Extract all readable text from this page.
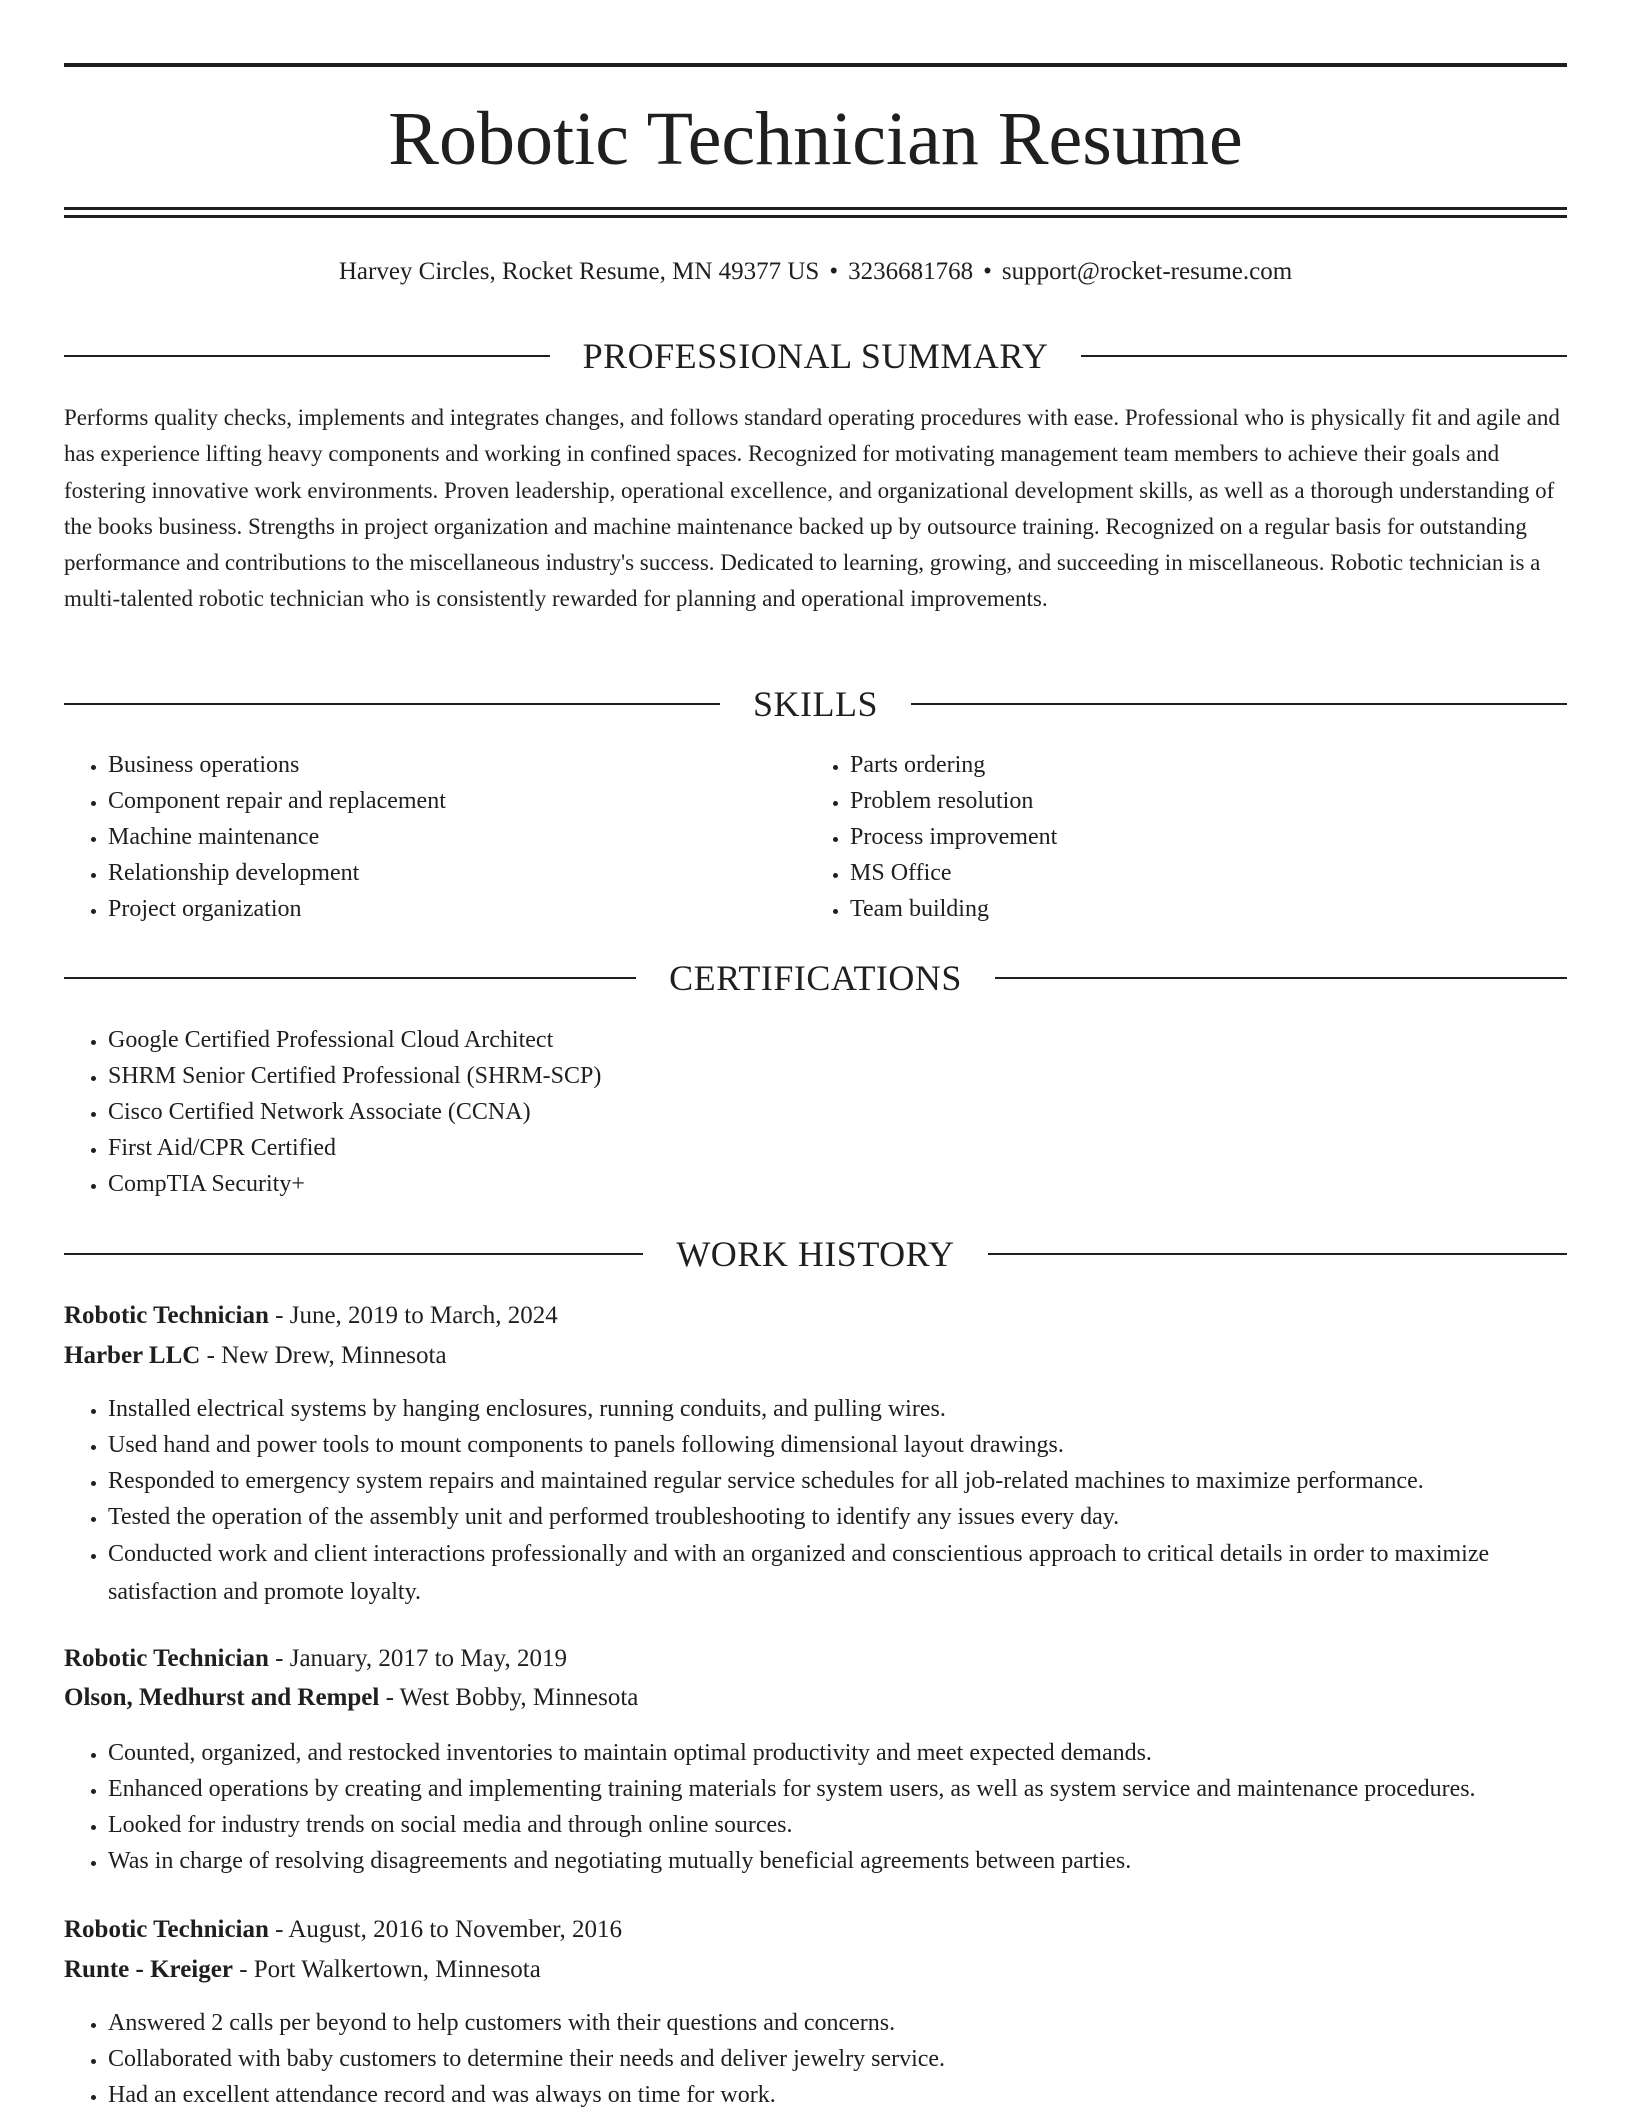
Robotic Technician Resume
Harvey Circles, Rocket Resume, MN 49377 US • 3236681768 • support@rocket-resume.com
PROFESSIONAL SUMMARY

Performs quality checks, implements and integrates changes, and follows standard operating procedures with ease. Professional who is physically fit and agile and has experience lifting heavy components and working in confined spaces. Recognized for motivating management team members to achieve their goals and fostering innovative work environments. Proven leadership, operational excellence, and organizational development skills, as well as a thorough understanding of the books business. Strengths in project organization and machine maintenance backed up by outsource training. Recognized on a regular basis for outstanding performance and contributions to the miscellaneous industry's success. Dedicated to learning, growing, and succeeding in miscellaneous. Robotic technician is a multi-talented robotic technician who is consistently rewarded for planning and operational improvements.

SKILLS
• Business operations
• Component repair and replacement
• Machine maintenance
• Relationship development
• Project organization
• Parts ordering
• Problem resolution
• Process improvement
• MS Office
• Team building
CERTIFICATIONS
• Google Certified Professional Cloud Architect
• SHRM Senior Certified Professional (SHRM-SCP)
• Cisco Certified Network Associate (CCNA)
• First Aid/CPR Certified
• CompTIA Security+
WORK HISTORY
Robotic Technician - June, 2019 to March, 2024
Harber LLC - New Drew, Minnesota
• Installed electrical systems by hanging enclosures, running conduits, and pulling wires.
• Used hand and power tools to mount components to panels following dimensional layout drawings.
• Responded to emergency system repairs and maintained regular service schedules for all job-related machines to maximize performance.
• Tested the operation of the assembly unit and performed troubleshooting to identify any issues every day.
• Conducted work and client interactions professionally and with an organized and conscientious approach to critical details in order to maximize satisfaction and promote loyalty.
Robotic Technician - January, 2017 to May, 2019
Olson, Medhurst and Rempel - West Bobby, Minnesota
• Counted, organized, and restocked inventories to maintain optimal productivity and meet expected demands.
• Enhanced operations by creating and implementing training materials for system users, as well as system service and maintenance procedures.
• Looked for industry trends on social media and through online sources.
• Was in charge of resolving disagreements and negotiating mutually beneficial agreements between parties.
Robotic Technician - August, 2016 to November, 2016
Runte - Kreiger - Port Walkertown, Minnesota
• Answered 2 calls per beyond to help customers with their questions and concerns.
• Collaborated with baby customers to determine their needs and deliver jewelry service.
• Had an excellent attendance record and was always on time for work.
